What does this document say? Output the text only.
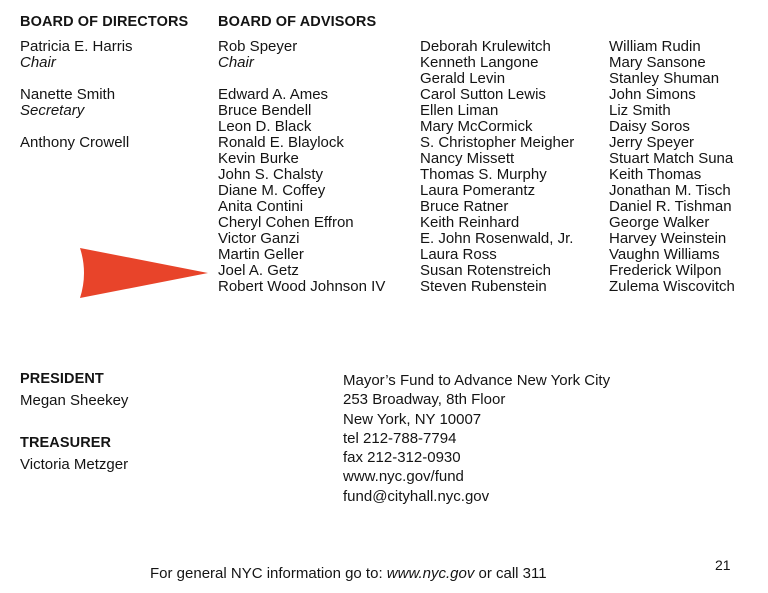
BOARD OF DIRECTORS
Patricia E. Harris
Chair
Nanette Smith
Secretary
Anthony Crowell
BOARD OF ADVISORS
Rob Speyer
Chair
Edward A. Ames
Bruce Bendell
Leon D. Black
Ronald E. Blaylock
Kevin Burke
John S. Chalsty
Diane M. Coffey
Anita Contini
Cheryl Cohen Effron
Victor Ganzi
Martin Geller
Joel A. Getz
Robert Wood Johnson IV
Deborah Krulewitch
Kenneth Langone
Gerald Levin
Carol Sutton Lewis
Ellen Liman
Mary McCormick
S. Christopher Meigher
Nancy Missett
Thomas S. Murphy
Laura Pomerantz
Bruce Ratner
Keith Reinhard
E. John Rosenwald, Jr.
Laura Ross
Susan Rotenstreich
Steven Rubenstein
William Rudin
Mary Sansone
Stanley Shuman
John Simons
Liz Smith
Daisy Soros
Jerry Speyer
Stuart Match Suna
Keith Thomas
Jonathan M. Tisch
Daniel R. Tishman
George Walker
Harvey Weinstein
Vaughn Williams
Frederick Wilpon
Zulema Wiscovitch
PRESIDENT
Megan Sheekey
TREASURER
Victoria Metzger
Mayor’s Fund to Advance New York City
253 Broadway, 8th Floor
New York, NY 10007
tel 212-788-7794
fax 212-312-0930
www.nyc.gov/fund
fund@cityhall.nyc.gov
For general NYC information go to: www.nyc.gov or call 311	21
